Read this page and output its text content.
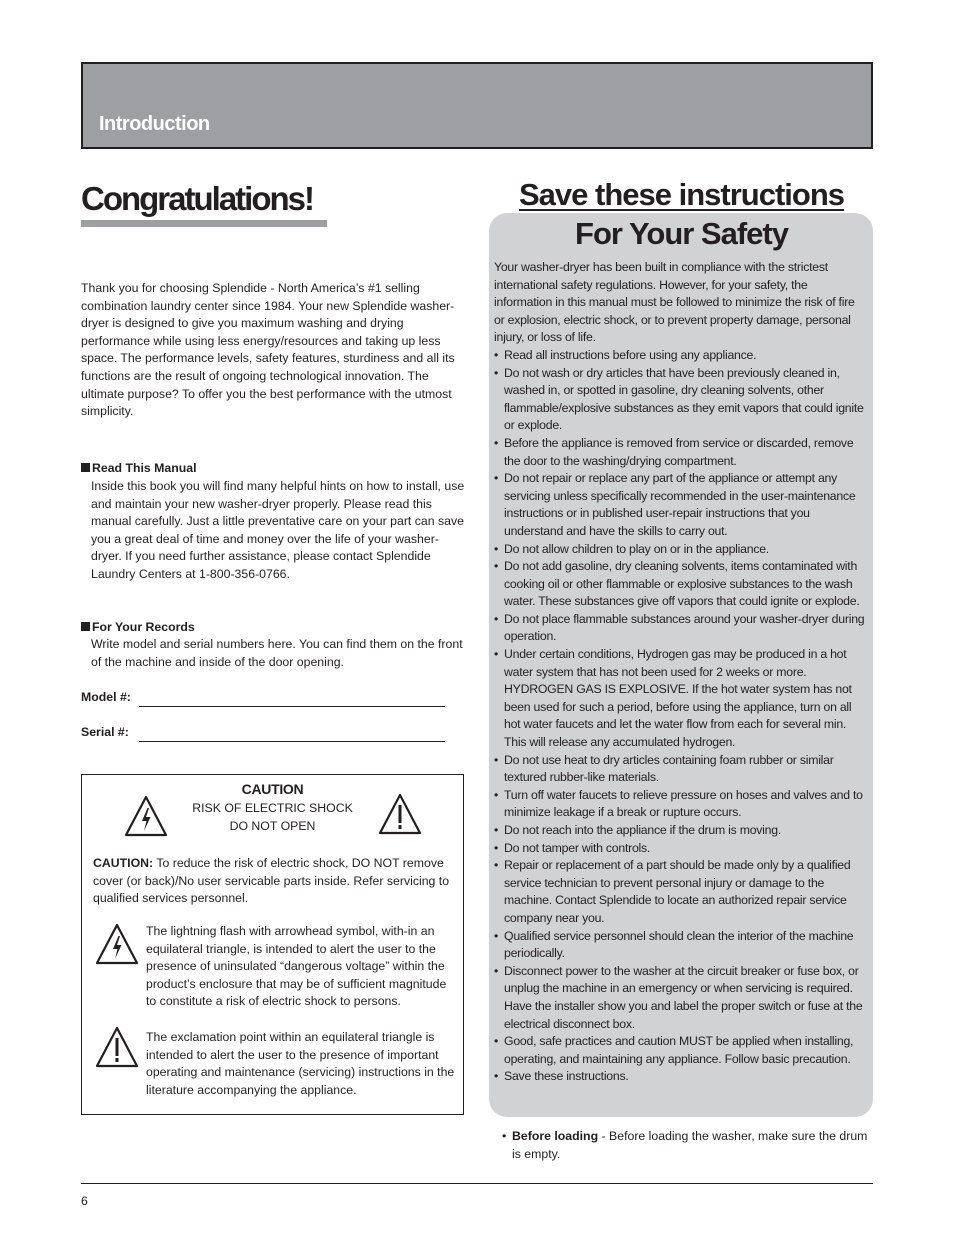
Introduction
Congratulations!
Thank you for choosing Splendide - North America’s #1 selling combination laundry center since 1984. Your new Splendide washer-dryer is designed to give you maximum washing and drying performance while using less energy/resources and taking up less space. The performance levels, safety features, sturdiness and all its functions are the result of ongoing technological innovation. The ultimate purpose? To offer you the best performance with the utmost simplicity.
Read This Manual
Inside this book you will find many helpful hints on how to install, use and maintain your new washer-dryer properly. Please read this manual carefully. Just a little preventative care on your part can save you a great deal of time and money over the life of your washer-dryer. If you need further assistance, please contact Splendide Laundry Centers at 1-800-356-0766.
For Your Records
Write model and serial numbers here. You can find them on the front of the machine and inside of the door opening.
Model #:
Serial #:
CAUTION
RISK OF ELECTRIC SHOCK
DO NOT OPEN
CAUTION: To reduce the risk of electric shock, DO NOT remove cover (or back)/No user servicable parts inside. Refer servicing to qualified services personnel.
The lightning flash with arrowhead symbol, with-in an equilateral triangle, is intended to alert the user to the presence of uninsulated “dangerous voltage” within the product’s enclosure that may be of sufficient magnitude to constitute a risk of electric shock to persons.
The exclamation point within an equilateral triangle is intended to alert the user to the presence of important operating and maintenance (servicing) instructions in the literature accompanying the appliance.
Save these instructions
For Your Safety

Your washer-dryer has been built in compliance with the strictest international safety regulations. However, for your safety, the information in this manual must be followed to minimize the risk of fire or explosion, electric shock, or to prevent property damage, personal injury, or loss of life.

• Read all instructions before using any appliance.
• Do not wash or dry articles that have been previously cleaned in, washed in, or spotted in gasoline, dry cleaning solvents, other flammable/explosive substances as they emit vapors that could ignite or explode.
• Before the appliance is removed from service or discarded, remove the door to the washing/drying compartment.
• Do not repair or replace any part of the appliance or attempt any servicing unless specifically recommended in the user-maintenance instructions or in published user-repair instructions that you understand and have the skills to carry out.
• Do not allow children to play on or in the appliance.
• Do not add gasoline, dry cleaning solvents, items contaminated with cooking oil or other flammable or explosive substances to the wash water. These substances give off vapors that could ignite or explode.
• Do not place flammable substances around your washer-dryer during operation.
• Under certain conditions, Hydrogen gas may be produced in a hot water system that has not been used for 2 weeks or more. HYDROGEN GAS IS EXPLOSIVE. If the hot water system has not been used for such a period, before using the appliance, turn on all hot water faucets and let the water flow from each for several min. This will release any accumulated hydrogen.
• Do not use heat to dry articles containing foam rubber or similar textured rubber-like materials.
• Turn off water faucets to relieve pressure on hoses and valves and to minimize leakage if a break or rupture occurs.
• Do not reach into the appliance if the drum is moving.
• Do not tamper with controls.
• Repair or replacement of a part should be made only by a qualified service technician to prevent personal injury or damage to the machine. Contact Splendide to locate an authorized repair service company near you.
• Qualified service personnel should clean the interior of the machine periodically.
• Disconnect power to the washer at the circuit breaker or fuse box, or unplug the machine in an emergency or when servicing is required. Have the installer show you and label the proper switch or fuse at the electrical disconnect box.
• Good, safe practices and caution MUST be applied when installing, operating, and maintaining any appliance. Follow basic precaution.
• Save these instructions.
• Before loading - Before loading the washer, make sure the drum is empty.
6
